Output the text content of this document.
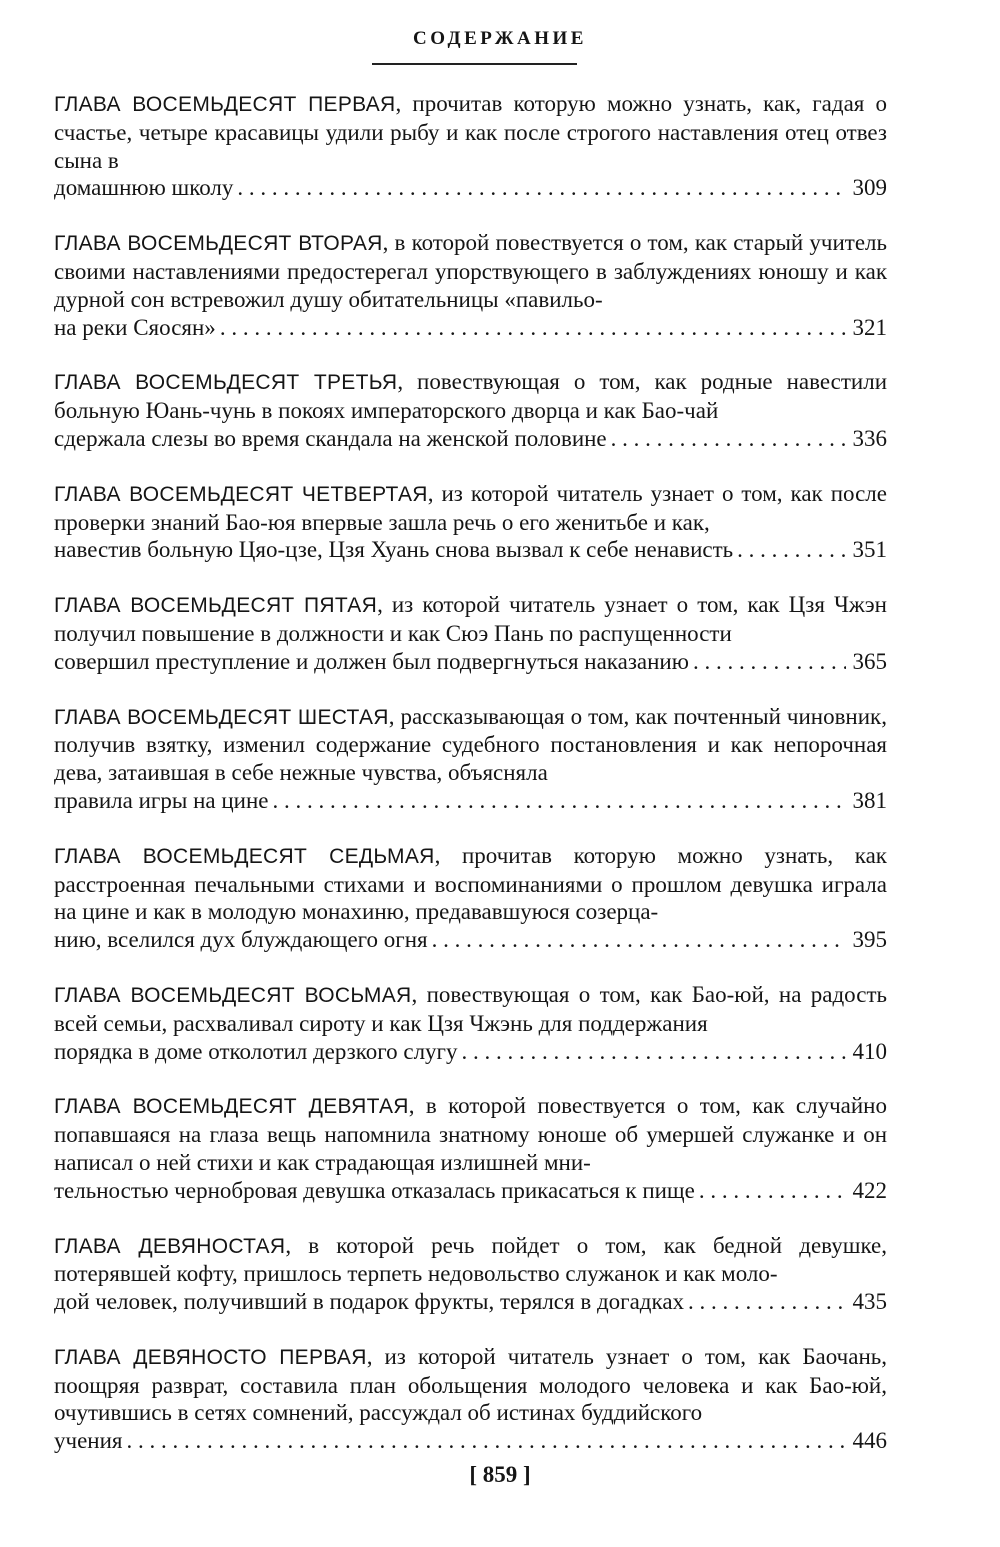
СОДЕРЖАНИЕ
ГЛАВА ВОСЕМЬДЕСЯТ ПЕРВАЯ, прочитав которую можно узнать, как, гадая о счастье, четыре красавицы удили рыбу и как после строгого наставления отец отвез сына в
домашнюю школу . . .	309
ГЛАВА ВОСЕМЬДЕСЯТ ВТОРАЯ, в которой повествуется о том, как старый учитель своими наставлениями предостерегал упорствующего в заблуждениях юношу и как дурной сон встревожил душу обитательницы «павильо-
на реки Сяосян» . . .	321
ГЛАВА ВОСЕМЬДЕСЯТ ТРЕТЬЯ, повествующая о том, как родные навестили больную Юань-чунь в покоях императорского дворца и как Бао-чай
сдержала слезы во время скандала на женской половине . . .	336
ГЛАВА ВОСЕМЬДЕСЯТ ЧЕТВЕРТАЯ, из которой читатель узнает о том, как после проверки знаний Бао-юя впервые зашла речь о его женитьбе и как,
навестив больную Цяо-цзе, Цзя Хуань снова вызвал к себе ненависть . . .	351
ГЛАВА ВОСЕМЬДЕСЯТ ПЯТАЯ, из которой читатель узнает о том, как Цзя Чжэн получил повышение в должности и как Сюэ Пань по распущенности
совершил преступление и должен был подвергнуться наказанию . . .	365
ГЛАВА ВОСЕМЬДЕСЯТ ШЕСТАЯ, рассказывающая о том, как почтенный чиновник, получив взятку, изменил содержание судебного постановления и как непорочная дева, затаившая в себе нежные чувства, объясняла
правила игры на цине . . .	381
ГЛАВА ВОСЕМЬДЕСЯТ СЕДЬМАЯ, прочитав которую можно узнать, как расстроенная печальными стихами и воспоминаниями о прошлом девушка играла на цине и как в молодую монахиню, предававшуюся созерца-
нию, вселился дух блуждающего огня . . .	395
ГЛАВА ВОСЕМЬДЕСЯТ ВОСЬМАЯ, повествующая о том, как Бао-юй, на радость всей семьи, расхваливал сироту и как Цзя Чжэнь для поддержания
порядка в доме отколотил дерзкого слугу . . .	410
ГЛАВА ВОСЕМЬДЕСЯТ ДЕВЯТАЯ, в которой повествуется о том, как случайно попавшаяся на глаза вещь напомнила знатному юноше об умершей служанке и он написал о ней стихи и как страдающая излишней мни-
тельностью чернобровая девушка отказалась прикасаться к пище . . .	422
ГЛАВА ДЕВЯНОСТАЯ, в которой речь пойдет о том, как бедной девушке, потерявшей кофту, пришлось терпеть недовольство служанок и как моло-
дой человек, получивший в подарок фрукты, терялся в догадках . . .	435
ГЛАВА ДЕВЯНОСТО ПЕРВАЯ, из которой читатель узнает о том, как Баочань, поощряя разврат, составила план обольщения молодого человека и как Бао-юй, очутившись в сетях сомнений, рассуждал об истинах буддийского
учения . . .	446
[ 859 ]
